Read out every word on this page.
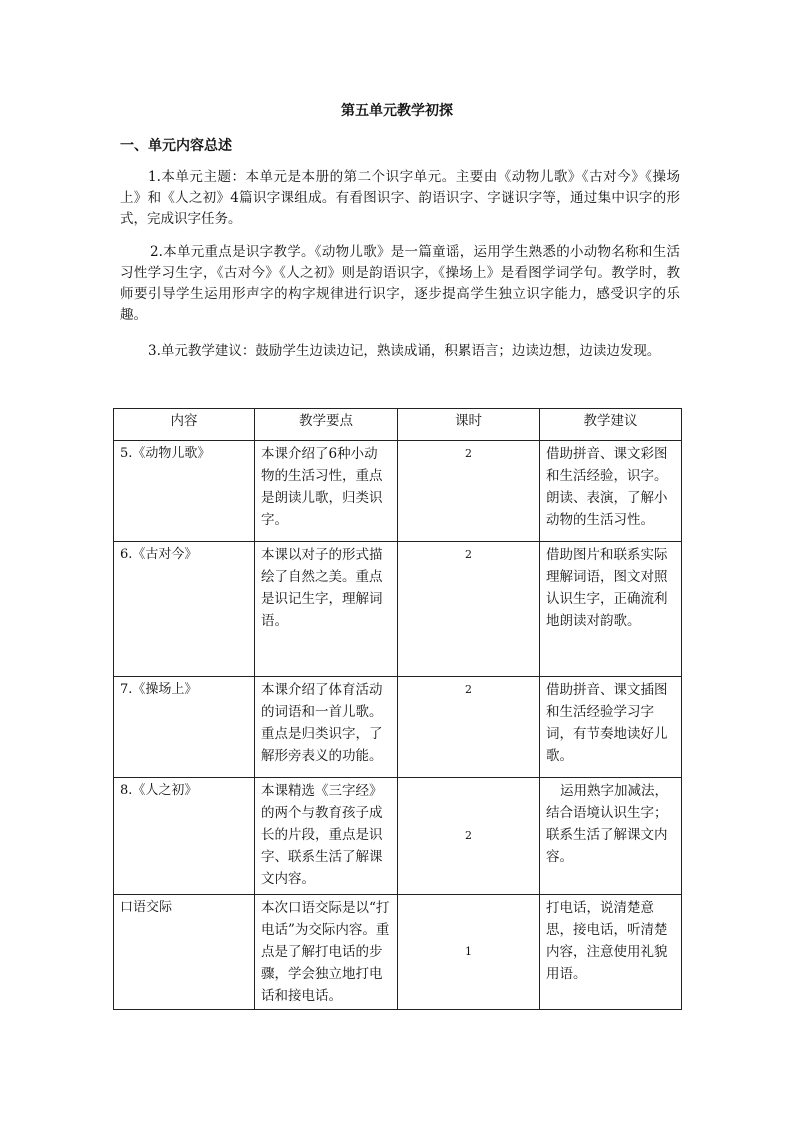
第五单元教学初探
一、单元内容总述
1.本单元主题：本单元是本册的第二个识字单元。主要由《动物儿歌》《古对今》《操场上》和《人之初》4篇识字课组成。有看图识字、韵语识字、字谜识字等，通过集中识字的形式，完成识字任务。
2.本单元重点是识字教学。《动物儿歌》是一篇童谣，运用学生熟悉的小动物名称和生活习性学习生字，《古对今》《人之初》则是韵语识字，《操场上》是看图学词学句。教学时，教师要引导学生运用形声字的构字规律进行识字，逐步提高学生独立识字能力，感受识字的乐趣。
3.单元教学建议：鼓励学生边读边记，熟读成诵，积累语言；边读边想，边读边发现。
内容	教学要点	课时	教学建议
5.《动物儿歌》	本课介绍了6种小动物的生活习性，重点是朗读儿歌，归类识字。	2	借助拼音、课文彩图和生活经验，识字。朗读、表演，了解小动物的生活习性。
6.《古对今》	本课以对子的形式描绘了自然之美。重点是识记生字，理解词语。	2	借助图片和联系实际理解词语，图文对照认识生字，正确流利地朗读对韵歌。
7.《操场上》	本课介绍了体育活动的词语和一首儿歌。重点是归类识字，了解形旁表义的功能。	2	借助拼音、课文插图和生活经验学习字词，有节奏地读好儿歌。
8.《人之初》	本课精选《三字经》的两个与教育孩子成长的片段，重点是识字、联系生活了解课文内容。	2	运用熟字加减法，结合语境认识生字；联系生活了解课文内容。
口语交际	本次口语交际是以“打电话”为交际内容。重点是了解打电话的步骤，学会独立地打电话和接电话。	1	打电话，说清楚意思，接电话，听清楚内容，注意使用礼貌用语。
